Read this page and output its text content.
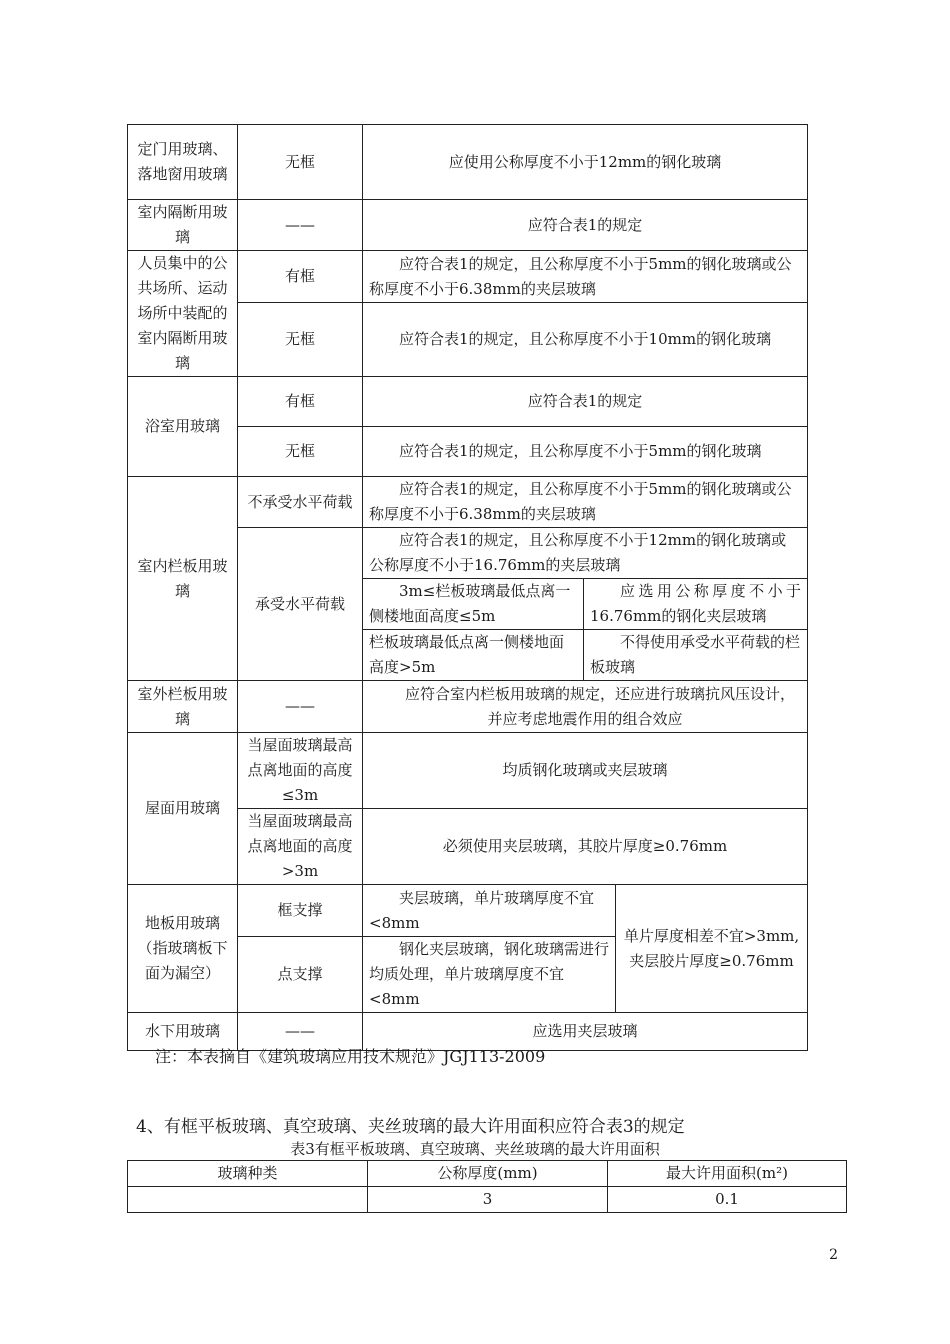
定门用玻璃、落地窗用玻璃	无框	应使用公称厚度不小于12mm的钢化玻璃		
室内隔断用玻璃	——	应符合表1的规定		
人员集中的公共场所、运动场所中装配的室内隔断用玻璃	有框	应符合表1的规定，且公称厚度不小于5mm的钢化玻璃或公称厚度不小于6.38mm的夹层玻璃		
	无框	应符合表1的规定，且公称厚度不小于10mm的钢化玻璃		
浴室用玻璃	有框	应符合表1的规定		
	无框	应符合表1的规定，且公称厚度不小于5mm的钢化玻璃		
室内栏板用玻璃	不承受水平荷载	应符合表1的规定，且公称厚度不小于5mm的钢化玻璃或公称厚度不小于6.38mm的夹层玻璃		
	承受水平荷载	应符合表1的规定，且公称厚度不小于12mm的钢化玻璃或公称厚度不小于16.76mm的夹层玻璃		
		3m≤栏板玻璃最低点离一侧楼地面高度≤5m	应选用公称厚度不小于16.76mm的钢化夹层玻璃	
		栏板玻璃最低点离一侧楼地面高度>5m	不得使用承受水平荷载的栏板玻璃	
室外栏板用玻璃	——	应符合室内栏板用玻璃的规定，还应进行玻璃抗风压设计，并应考虑地震作用的组合效应		
屋面用玻璃	当屋面玻璃最高点离地面的高度≤3m	均质钢化玻璃或夹层玻璃		
	当屋面玻璃最高点离地面的高度>3m	必须使用夹层玻璃，其胶片厚度≥0.76mm		
地板用玻璃（指玻璃板下面为漏空）	框支撑	夹层玻璃，单片玻璃厚度不宜<8mm		单片厚度相差不宜>3mm,夹层胶片厚度≥0.76mm
	点支撑	钢化夹层玻璃，钢化玻璃需进行均质处理，单片玻璃厚度不宜<8mm		
水下用玻璃	——	应选用夹层玻璃		
注：本表摘自《建筑玻璃应用技术规范》JGJ113-2009
4、有框平板玻璃、真空玻璃、夹丝玻璃的最大许用面积应符合表3的规定
表3有框平板玻璃、真空玻璃、夹丝玻璃的最大许用面积
玻璃种类	公称厚度(mm)	最大许用面积(m²)
	3	0.1
2
